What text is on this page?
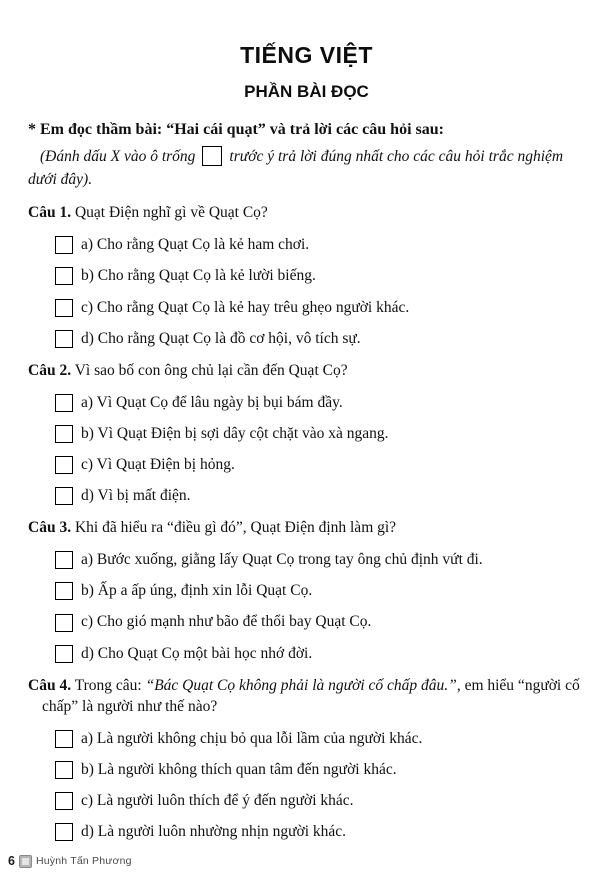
TIẾNG VIỆT
PHẦN BÀI ĐỌC

* Em đọc thầm bài: “Hai cái quạt” và trả lời các câu hỏi sau:

(Đánh dấu X vào ô trống trước ý trả lời đúng nhất cho các câu hỏi trắc nghiệm dưới đây).

Câu 1. Quạt Điện nghĩ gì về Quạt Cọ?

a) Cho rằng Quạt Cọ là kẻ ham chơi.
b) Cho rằng Quạt Cọ là kẻ lười biếng.
c) Cho rằng Quạt Cọ là kẻ hay trêu ghẹo người khác.
d) Cho rằng Quạt Cọ là đồ cơ hội, vô tích sự.

Câu 2. Vì sao bố con ông chủ lại cần đến Quạt Cọ?

a) Vì Quạt Cọ để lâu ngày bị bụi bám đầy.
b) Vì Quạt Điện bị sợi dây cột chặt vào xà ngang.
c) Vì Quạt Điện bị hỏng.
d) Vì bị mất điện.

Câu 3. Khi đã hiểu ra “điều gì đó”, Quạt Điện định làm gì?

a) Bước xuống, giằng lấy Quạt Cọ trong tay ông chủ định vứt đi.
b) Ấp a ấp úng, định xin lỗi Quạt Cọ.
c) Cho gió mạnh như bão để thổi bay Quạt Cọ.
d) Cho Quạt Cọ một bài học nhớ đời.

Câu 4. Trong câu: “Bác Quạt Cọ không phải là người cố chấp đâu.”, em hiểu “người cố chấp” là người như thế nào?

a) Là người không chịu bỏ qua lỗi lầm của người khác.
b) Là người không thích quan tâm đến người khác.
c) Là người luôn thích để ý đến người khác.
d) Là người luôn nhường nhịn người khác.
6 Huỳnh Tấn Phương
